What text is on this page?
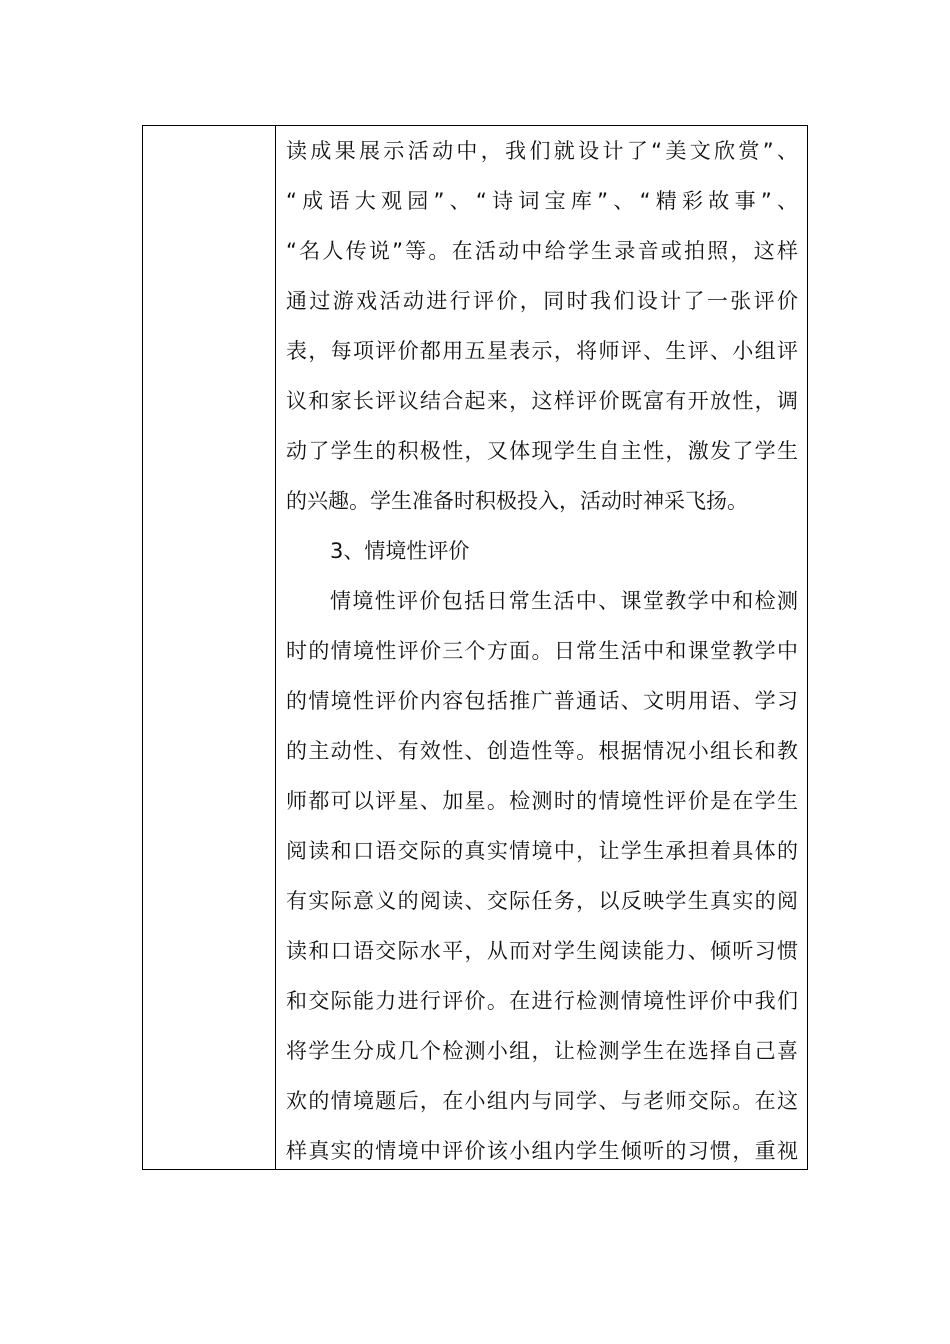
读成果展示活动中，我们就设计了“美文欣赏”、
“成语大观园”、“诗词宝库”、“精彩故事”、
“名人传说”等。在活动中给学生录音或拍照，这样
通过游戏活动进行评价，同时我们设计了一张评价
表，每项评价都用五星表示，将师评、生评、小组评
议和家长评议结合起来，这样评价既富有开放性，调
动了学生的积极性，又体现学生自主性，激发了学生
的兴趣。学生准备时积极投入，活动时神采飞扬。
3、情境性评价
情境性评价包括日常生活中、课堂教学中和检测
时的情境性评价三个方面。日常生活中和课堂教学中
的情境性评价内容包括推广普通话、文明用语、学习
的主动性、有效性、创造性等。根据情况小组长和教
师都可以评星、加星。检测时的情境性评价是在学生
阅读和口语交际的真实情境中，让学生承担着具体的
有实际意义的阅读、交际任务，以反映学生真实的阅
读和口语交际水平，从而对学生阅读能力、倾听习惯
和交际能力进行评价。在进行检测情境性评价中我们
将学生分成几个检测小组，让检测学生在选择自己喜
欢的情境题后，在小组内与同学、与老师交际。在这
样真实的情境中评价该小组内学生倾听的习惯，重视
